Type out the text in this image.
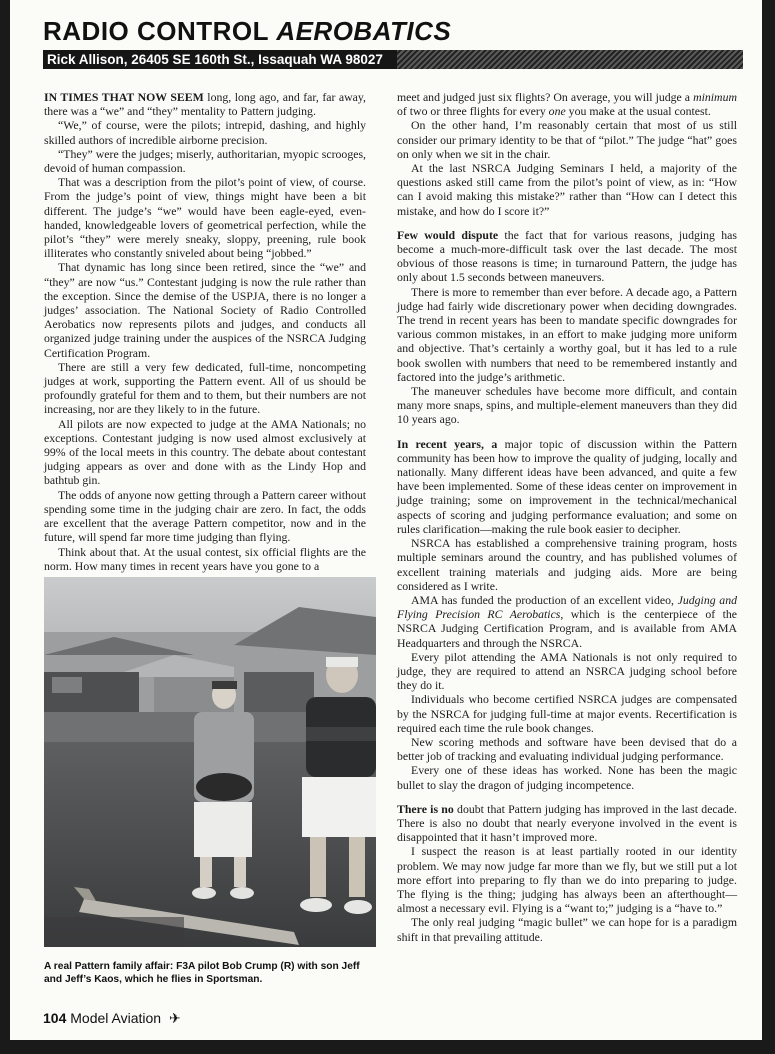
RADIO CONTROL AEROBATICS
Rick Allison, 26405 SE 160th St., Issaquah WA 98027

IN TIMES THAT NOW SEEM long, long ago, and far, far away, there was a “we” and “they” mentality to Pattern judging.

“We,” of course, were the pilots; intrepid, dashing, and highly skilled authors of incredible airborne precision.

“They” were the judges; miserly, authoritarian, myopic scrooges, devoid of human compassion.

That was a description from the pilot’s point of view, of course. From the judge’s point of view, things might have been a bit different. The judge’s “we” would have been eagle-eyed, even-handed, knowledgeable lovers of geometrical perfection, while the pilot’s “they” were merely sneaky, sloppy, preening, rule book illiterates who constantly sniveled about being “jobbed.”

That dynamic has long since been retired, since the “we” and “they” are now “us.” Contestant judging is now the rule rather than the exception. Since the demise of the USPJA, there is no longer a judges’ association. The National Society of Radio Controlled Aerobatics now represents pilots and judges, and conducts all organized judge training under the auspices of the NSRCA Judging Certification Program.

There are still a very few dedicated, full-time, noncompeting judges at work, supporting the Pattern event. All of us should be profoundly grateful for them and to them, but their numbers are not increasing, nor are they likely to in the future.

All pilots are now expected to judge at the AMA Nationals; no exceptions. Contestant judging is now used almost exclusively at 99% of the local meets in this country. The debate about contestant judging appears as over and done with as the Lindy Hop and bathtub gin.

The odds of anyone now getting through a Pattern career without spending some time in the judging chair are zero. In fact, the odds are excellent that the average Pattern competitor, now and in the future, will spend far more time judging than flying.

Think about that. At the usual contest, six official flights are the norm. How many times in recent years have you gone to a

A real Pattern family affair: F3A pilot Bob Crump (R) with son Jeff and Jeff’s Kaos, which he flies in Sportsman.

meet and judged just six flights? On average, you will judge a minimum of two or three flights for every one you make at the usual contest.

On the other hand, I’m reasonably certain that most of us still consider our primary identity to be that of “pilot.” The judge “hat” goes on only when we sit in the chair.

At the last NSRCA Judging Seminars I held, a majority of the questions asked still came from the pilot’s point of view, as in: “How can I avoid making this mistake?” rather than “How can I detect this mistake, and how do I score it?”

Few would dispute the fact that for various reasons, judging has become a much-more-difficult task over the last decade. The most obvious of those reasons is time; in turnaround Pattern, the judge has only about 1.5 seconds between maneuvers.

There is more to remember than ever before. A decade ago, a Pattern judge had fairly wide discretionary power when deciding downgrades. The trend in recent years has been to mandate specific downgrades for various common mistakes, in an effort to make judging more uniform and objective. That’s certainly a worthy goal, but it has led to a rule book swollen with numbers that need to be remembered instantly and factored into the judge’s arithmetic.

The maneuver schedules have become more difficult, and contain many more snaps, spins, and multiple-element maneuvers than they did 10 years ago.

In recent years, a major topic of discussion within the Pattern community has been how to improve the quality of judging, locally and nationally. Many different ideas have been advanced, and quite a few have been implemented. Some of these ideas center on improvement in judge training; some on improvement in the technical/mechanical aspects of scoring and judging performance evaluation; and some on rules clarification—making the rule book easier to decipher.

NSRCA has established a comprehensive training program, hosts multiple seminars around the country, and has published volumes of excellent training materials and judging aids. More are being considered as I write.

AMA has funded the production of an excellent video, Judging and Flying Precision RC Aerobatics, which is the centerpiece of the NSRCA Judging Certification Program, and is available from AMA Headquarters and through the NSRCA.

Every pilot attending the AMA Nationals is not only required to judge, they are required to attend an NSRCA judging school before they do it.

Individuals who become certified NSRCA judges are compensated by the NSRCA for judging full-time at major events. Recertification is required each time the rule book changes.

New scoring methods and software have been devised that do a better job of tracking and evaluating individual judging performance.

Every one of these ideas has worked. None has been the magic bullet to slay the dragon of judging incompetence.

There is no doubt that Pattern judging has improved in the last decade. There is also no doubt that nearly everyone involved in the event is disappointed that it hasn’t improved more.

I suspect the reason is at least partially rooted in our identity problem. We may now judge far more than we fly, but we still put a lot more effort into preparing to fly than we do into preparing to judge. The flying is the thing; judging has always been an afterthought—almost a necessary evil. Flying is a “want to;” judging is a “have to.”

The only real judging “magic bullet” we can hope for is a paradigm shift in that prevailing attitude.

104 Model Aviation ✈
